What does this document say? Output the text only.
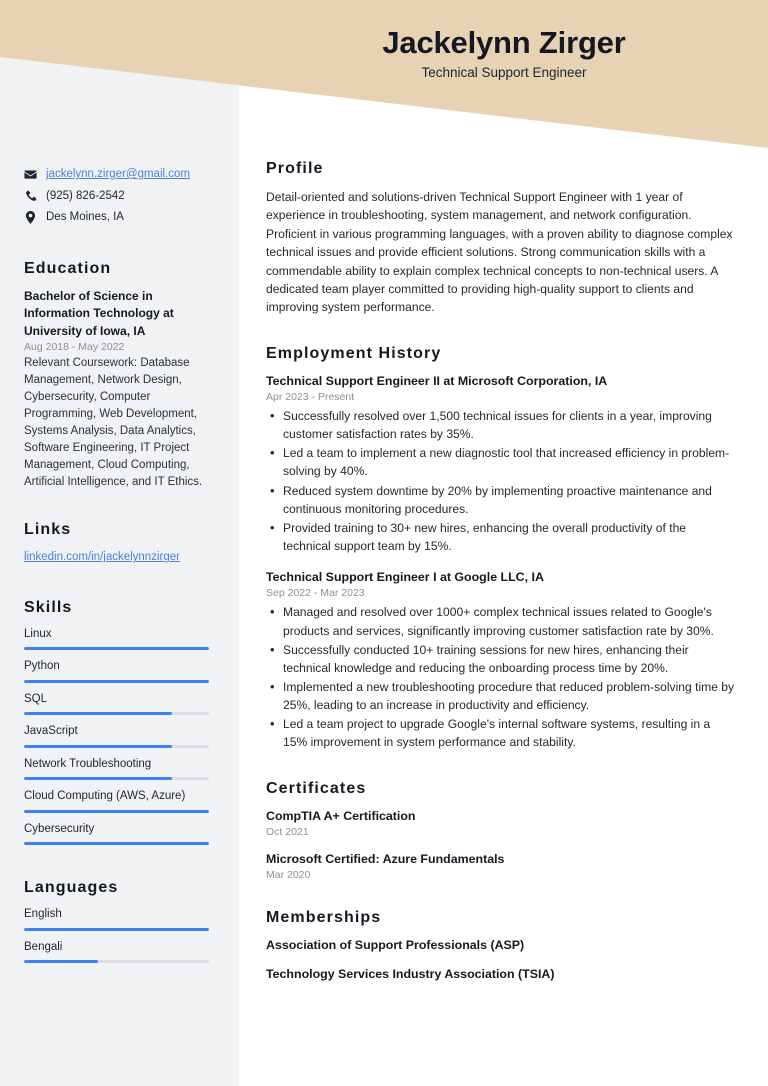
Jackelynn Zirger
Technical Support Engineer
jackelynn.zirger@gmail.com
(925) 826-2542
Des Moines, IA
Education
Bachelor of Science in Information Technology at University of Iowa, IA
Aug 2018 - May 2022
Relevant Coursework: Database Management, Network Design, Cybersecurity, Computer Programming, Web Development, Systems Analysis, Data Analytics, Software Engineering, IT Project Management, Cloud Computing, Artificial Intelligence, and IT Ethics.
Links
linkedin.com/in/jackelynnzirger
Skills
Linux
Python
SQL
JavaScript
Network Troubleshooting
Cloud Computing (AWS, Azure)
Cybersecurity
Languages
English
Bengali
Profile
Detail-oriented and solutions-driven Technical Support Engineer with 1 year of experience in troubleshooting, system management, and network configuration. Proficient in various programming languages, with a proven ability to diagnose complex technical issues and provide efficient solutions. Strong communication skills with a commendable ability to explain complex technical concepts to non-technical users. A dedicated team player committed to providing high-quality support to clients and improving system performance.
Employment History
Technical Support Engineer II at Microsoft Corporation, IA
Apr 2023 - Present
• Successfully resolved over 1,500 technical issues for clients in a year, improving customer satisfaction rates by 35%.
• Led a team to implement a new diagnostic tool that increased efficiency in problem-solving by 40%.
• Reduced system downtime by 20% by implementing proactive maintenance and continuous monitoring procedures.
• Provided training to 30+ new hires, enhancing the overall productivity of the technical support team by 15%.
Technical Support Engineer I at Google LLC, IA
Sep 2022 - Mar 2023
• Managed and resolved over 1000+ complex technical issues related to Google's products and services, significantly improving customer satisfaction rate by 30%.
• Successfully conducted 10+ training sessions for new hires, enhancing their technical knowledge and reducing the onboarding process time by 20%.
• Implemented a new troubleshooting procedure that reduced problem-solving time by 25%, leading to an increase in productivity and efficiency.
• Led a team project to upgrade Google's internal software systems, resulting in a 15% improvement in system performance and stability.
Certificates
CompTIA A+ Certification
Oct 2021
Microsoft Certified: Azure Fundamentals
Mar 2020
Memberships
Association of Support Professionals (ASP)
Technology Services Industry Association (TSIA)
